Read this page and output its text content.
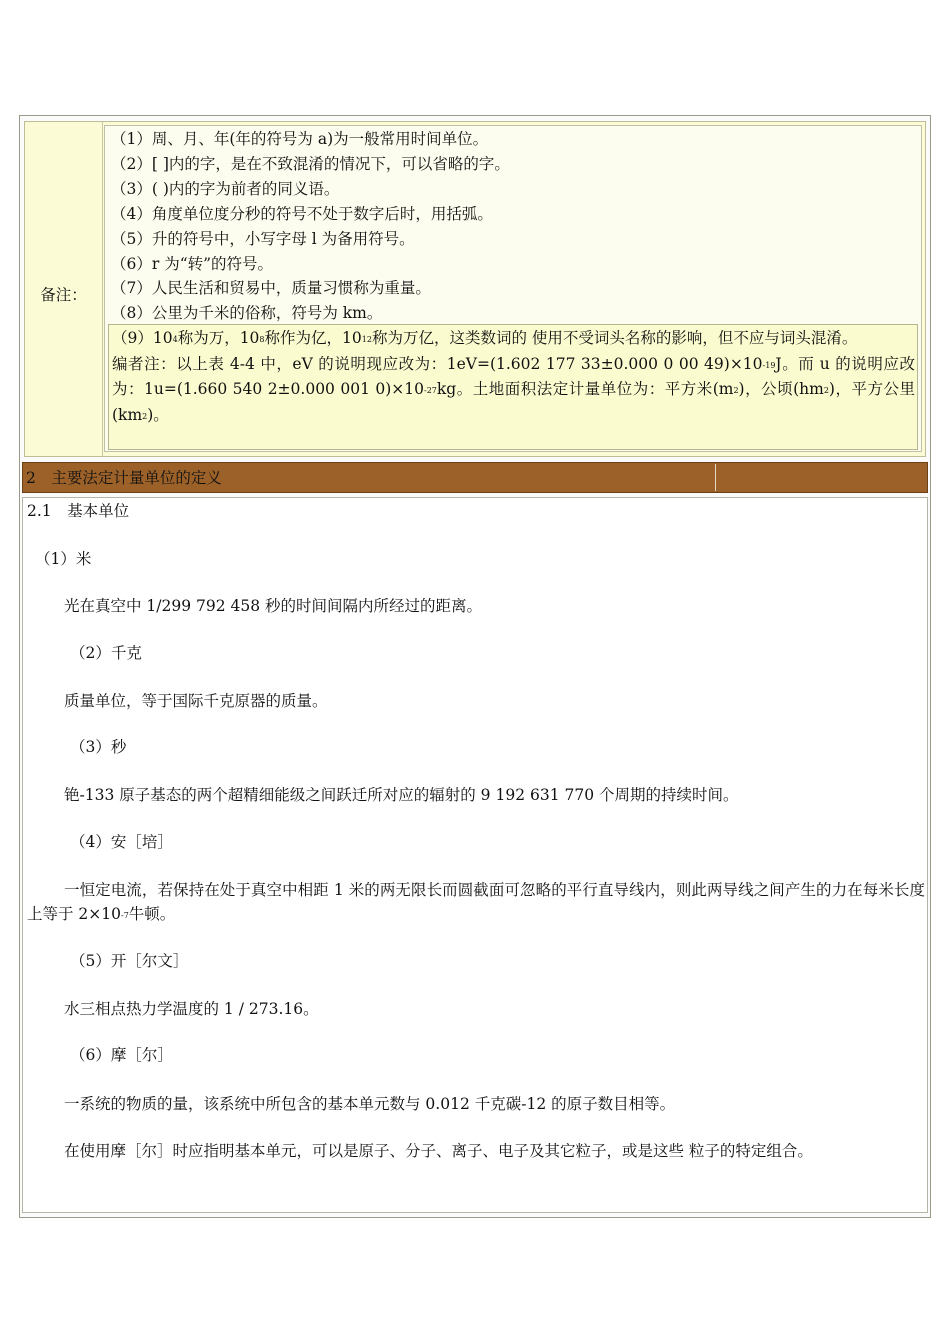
备注：
（1）周、月、年(年的符号为 a)为一般常用时间单位。
（2）[ ]内的字，是在不致混淆的情况下，可以省略的字。
（3）( )内的字为前者的同义语。
（4）角度单位度分秒的符号不处于数字后时，用括弧。
（5）升的符号中，小写字母 l 为备用符号。
（6）r 为“转”的符号。
（7）人民生活和贸易中，质量习惯称为重量。
（8）公里为千米的俗称，符号为 km。

$(9)10_4$称为万，$10_8$称作为亿，$10_{12}$称为万亿，这类数词的 使用不受词头名称的影响，但不应与词头混淆。

编者注：以上表 4-4 中，eV 的说明现应改为：1eV=(1.602 177 33±0.000 0 00 $49)\times 10_{-19}J$。而 u 的说明应改为：1u=(1.660 540 2±0.000 001 $0)\times 10_{-27}kg$。土地面积法定计量单位为：平方米$(m_2)$，公顷$(hm_2)$，平方公里$(km_2)$。

2　主要法定计量单位的定义
2.1　基本单位
（1）米
光在真空中 1/299 792 458 秒的时间间隔内所经过的距离。
（2）千克
质量单位，等于国际千克原器的质量。
（3）秒
铯-133 原子基态的两个超精细能级之间跃迁所对应的辐射的 9 192 631 770 个周期的持续时间。
（4）安［培］
一恒定电流，若保持在处于真空中相距 1 米的两无限长而圆截面可忽略的平行直导线内，则此两导线之间产生的力在每米长度上等于 $2\times 10_{-7}$牛顿。
（5）开［尔文］
水三相点热力学温度的 1 / 273.16。
（6）摩［尔］
一系统的物质的量，该系统中所包含的基本单元数与 0.012 千克碳-12 的原子数目相等。
在使用摩［尔］时应指明基本单元，可以是原子、分子、离子、电子及其它粒子，或是这些 粒子的特定组合。
